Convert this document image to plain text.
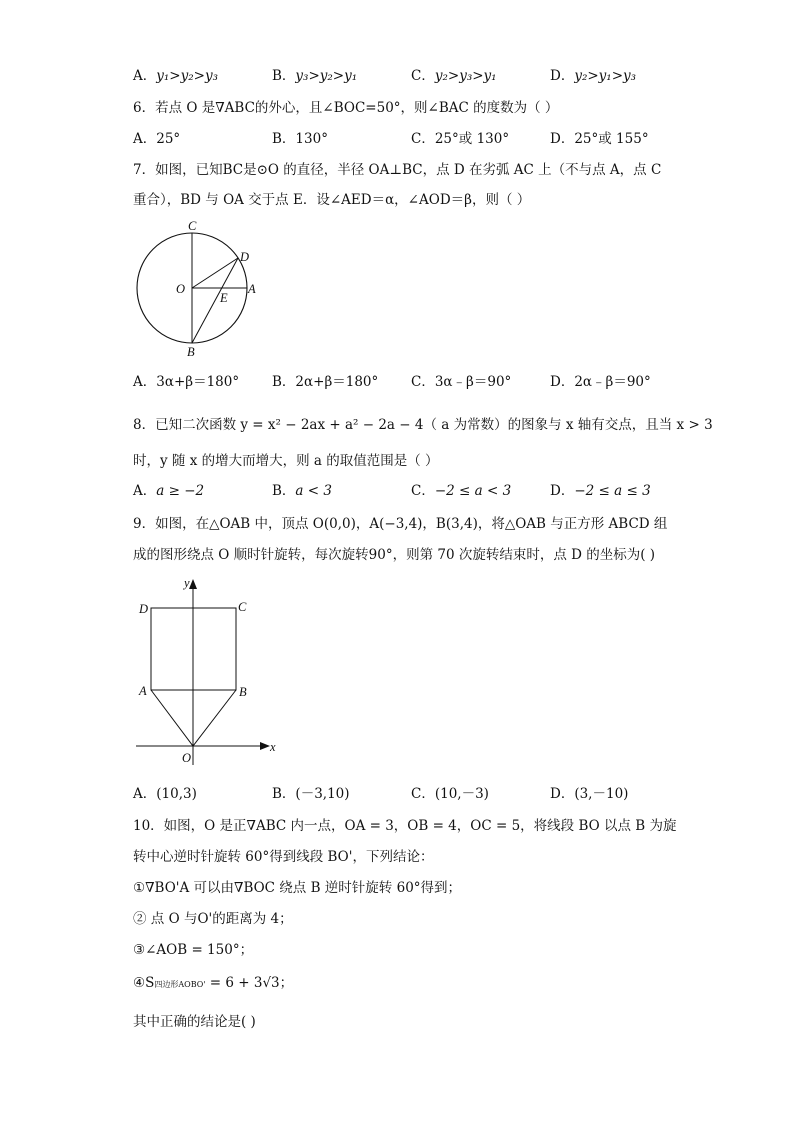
A．y₁>y₂>y₃	B．y₃>y₂>y₁	C．y₂>y₃>y₁	D．y₂>y₁>y₃
6．若点 O 是∇ABC的外心，且∠BOC=50°，则∠BAC 的度数为（ ）
A．25°	B．130°	C．25°或 130°	D．25°或 155°
7．如图，已知BC是⊙O 的直径，半径 OA⊥BC，点 D 在劣弧 AC 上（不与点 A，点 C
重合），BD 与 OA 交于点 E．设∠AED＝α，∠AOD＝β，则（ ）
C
D
O
E
A
B
A．3α+β＝180° B．2α+β＝180° C．3α﹣β＝90°	D．2α﹣β＝90°
8．已知二次函数 y = x² − 2ax + a² − 2a − 4（ a 为常数）的图象与 x 轴有交点，且当 x > 3
时，y 随 x 的增大而增大，则 a 的取值范围是（ ）
A．a ≥ −2	B．a < 3	C．−2 ≤ a < 3	D．−2 ≤ a ≤ 3
9．如图，在△OAB 中，顶点 O(0,0)，A(−3,4)，B(3,4)，将△OAB 与正方形 ABCD 组
成的图形绕点 O 顺时针旋转，每次旋转90°，则第 70 次旋转结束时，点 D 的坐标为( )
y
x
D	C
A	B
O
A．(10,3)	B．(－3,10)	C．(10,－3)	D．(3,－10)
10．如图，O 是正∇ABC 内一点，OA = 3，OB = 4，OC = 5，将线段 BO 以点 B 为旋
转中心逆时针旋转 60°得到线段 BO'，下列结论：
①∇BO'A 可以由∇BOC 绕点 B 逆时针旋转 60°得到；
② 点 O 与O'的距离为 4；
③∠AOB = 150°；
④S四边形AOBO' = 6 + 3√3；
其中正确的结论是( )
